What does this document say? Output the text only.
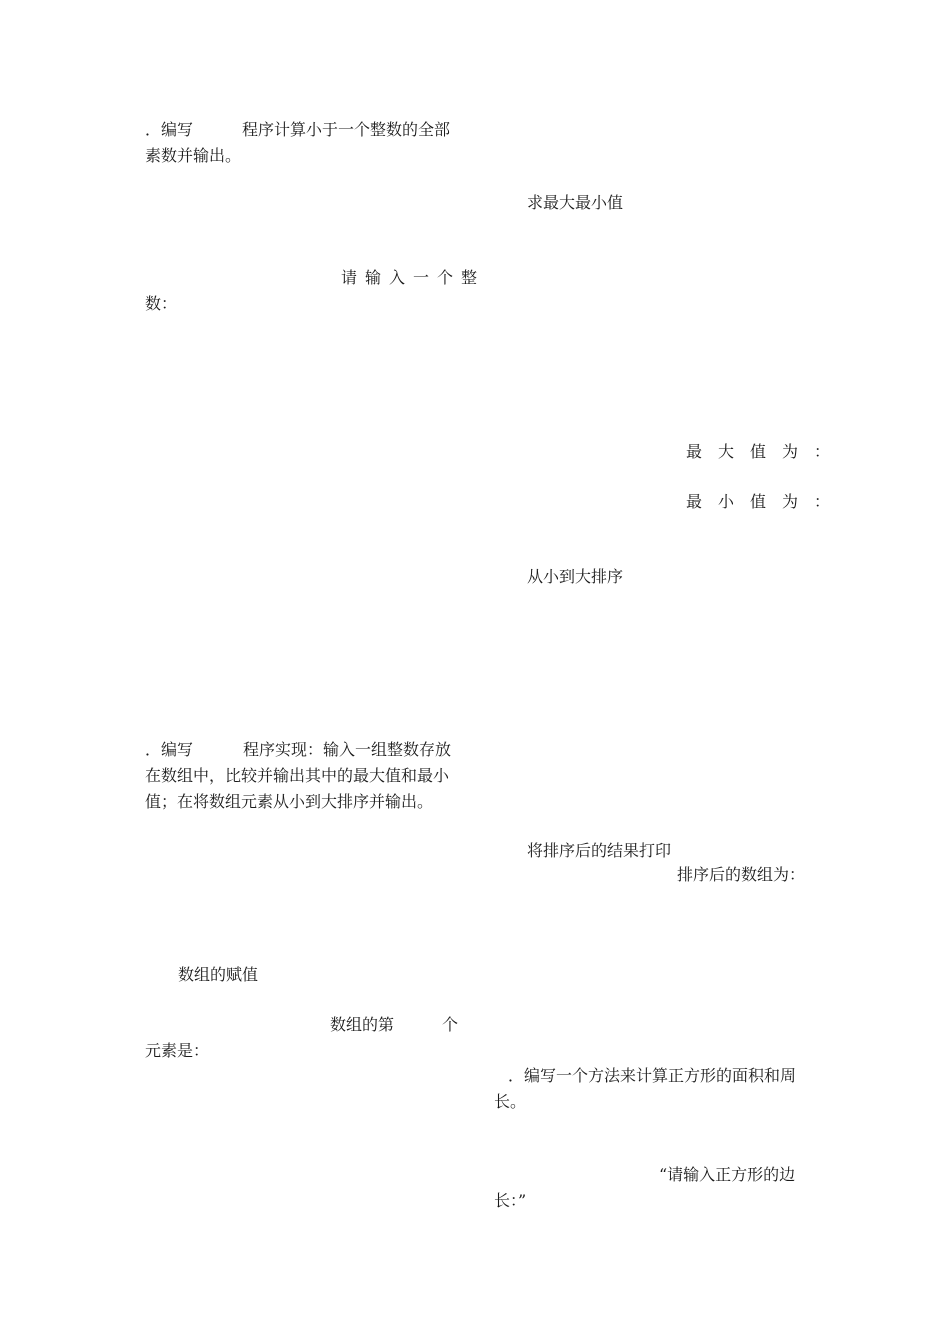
．编写	程序计算小于一个整数的全部
素数并输出。
请输入一个整
数：
．编写	程序实现：输入一组整数存放
在数组中，比较并输出其中的最大值和最小
值；在将数组元素从小到大排序并输出。
数组的赋值
数组的第	个
元素是：
求最大最小值
最大值为：
最小值为：
从小到大排序
将排序后的结果打印
排序后的数组为：
．编写一个方法来计算正方形的面积和周
长。
“请输入正方形的边
长：”
